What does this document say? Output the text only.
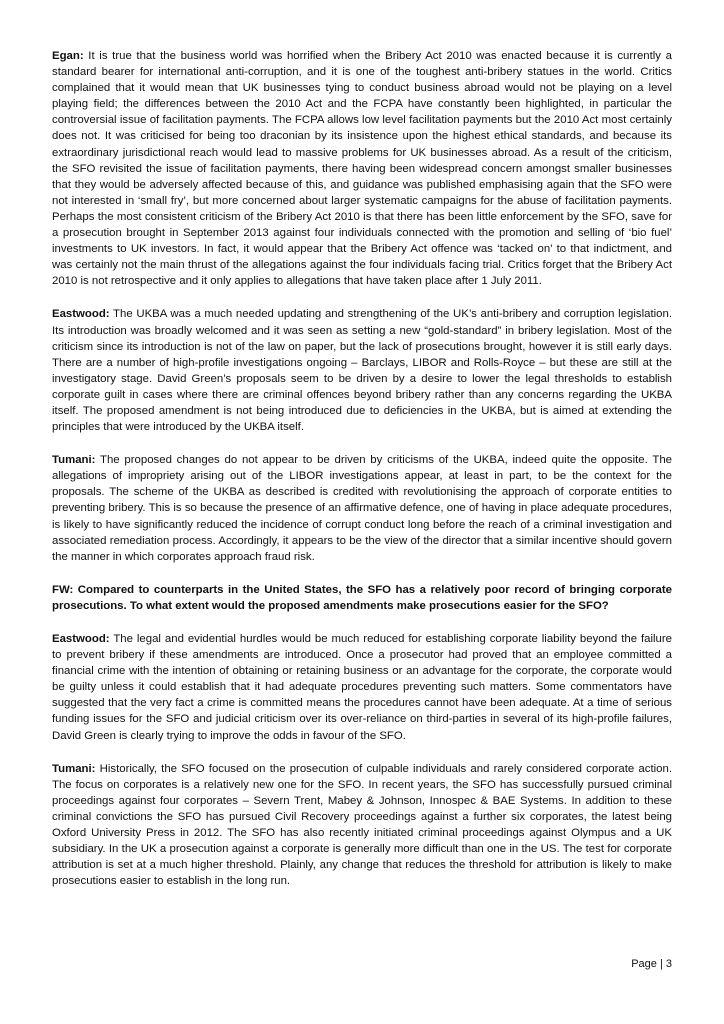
Egan: It is true that the business world was horrified when the Bribery Act 2010 was enacted because it is currently a standard bearer for international anti-corruption, and it is one of the toughest anti-bribery statues in the world. Critics complained that it would mean that UK businesses tying to conduct business abroad would not be playing on a level playing field; the differences between the 2010 Act and the FCPA have constantly been highlighted, in particular the controversial issue of facilitation payments. The FCPA allows low level facilitation payments but the 2010 Act most certainly does not. It was criticised for being too draconian by its insistence upon the highest ethical standards, and because its extraordinary jurisdictional reach would lead to massive problems for UK businesses abroad. As a result of the criticism, the SFO revisited the issue of facilitation payments, there having been widespread concern amongst smaller businesses that they would be adversely affected because of this, and guidance was published emphasising again that the SFO were not interested in ‘small fry’, but more concerned about larger systematic campaigns for the abuse of facilitation payments. Perhaps the most consistent criticism of the Bribery Act 2010 is that there has been little enforcement by the SFO, save for a prosecution brought in September 2013 against four individuals connected with the promotion and selling of ‘bio fuel’ investments to UK investors. In fact, it would appear that the Bribery Act offence was ‘tacked on’ to that indictment, and was certainly not the main thrust of the allegations against the four individuals facing trial. Critics forget that the Bribery Act 2010 is not retrospective and it only applies to allegations that have taken place after 1 July 2011.

Eastwood: The UKBA was a much needed updating and strengthening of the UK’s anti-bribery and corruption legislation. Its introduction was broadly welcomed and it was seen as setting a new “gold-standard” in bribery legislation. Most of the criticism since its introduction is not of the law on paper, but the lack of prosecutions brought, however it is still early days. There are a number of high-profile investigations ongoing – Barclays, LIBOR and Rolls-Royce – but these are still at the investigatory stage. David Green’s proposals seem to be driven by a desire to lower the legal thresholds to establish corporate guilt in cases where there are criminal offences beyond bribery rather than any concerns regarding the UKBA itself. The proposed amendment is not being introduced due to deficiencies in the UKBA, but is aimed at extending the principles that were introduced by the UKBA itself.

Tumani: The proposed changes do not appear to be driven by criticisms of the UKBA, indeed quite the opposite. The allegations of impropriety arising out of the LIBOR investigations appear, at least in part, to be the context for the proposals. The scheme of the UKBA as described is credited with revolutionising the approach of corporate entities to preventing bribery. This is so because the presence of an affirmative defence, one of having in place adequate procedures, is likely to have significantly reduced the incidence of corrupt conduct long before the reach of a criminal investigation and associated remediation process. Accordingly, it appears to be the view of the director that a similar incentive should govern the manner in which corporates approach fraud risk.

FW: Compared to counterparts in the United States, the SFO has a relatively poor record of bringing corporate prosecutions. To what extent would the proposed amendments make prosecutions easier for the SFO?

Eastwood: The legal and evidential hurdles would be much reduced for establishing corporate liability beyond the failure to prevent bribery if these amendments are introduced. Once a prosecutor had proved that an employee committed a financial crime with the intention of obtaining or retaining business or an advantage for the corporate, the corporate would be guilty unless it could establish that it had adequate procedures preventing such matters. Some commentators have suggested that the very fact a crime is committed means the procedures cannot have been adequate. At a time of serious funding issues for the SFO and judicial criticism over its over-reliance on third-parties in several of its high-profile failures, David Green is clearly trying to improve the odds in favour of the SFO.

Tumani: Historically, the SFO focused on the prosecution of culpable individuals and rarely considered corporate action. The focus on corporates is a relatively new one for the SFO. In recent years, the SFO has successfully pursued criminal proceedings against four corporates – Severn Trent, Mabey & Johnson, Innospec & BAE Systems. In addition to these criminal convictions the SFO has pursued Civil Recovery proceedings against a further six corporates, the latest being Oxford University Press in 2012. The SFO has also recently initiated criminal proceedings against Olympus and a UK subsidiary. In the UK a prosecution against a corporate is generally more difficult than one in the US. The test for corporate attribution is set at a much higher threshold. Plainly, any change that reduces the threshold for attribution is likely to make prosecutions easier to establish in the long run.

Page | 3
